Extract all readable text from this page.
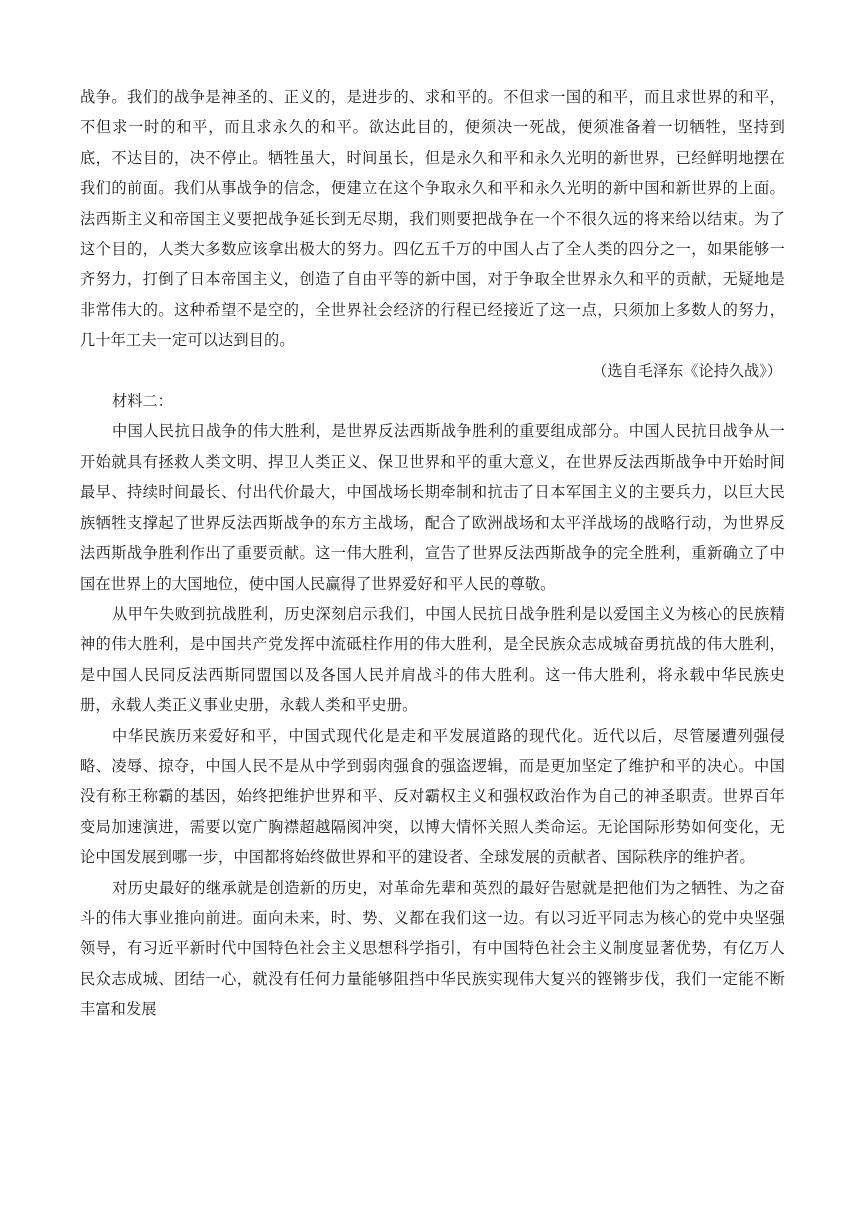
战争。我们的战争是神圣的、正义的，是进步的、求和平的。不但求一国的和平，而且求世界的和平，不但求一时的和平，而且求永久的和平。欲达此目的，便须决一死战，便须准备着一切牺牲，坚持到底，不达目的，决不停止。牺牲虽大，时间虽长，但是永久和平和永久光明的新世界，已经鲜明地摆在我们的前面。我们从事战争的信念，便建立在这个争取永久和平和永久光明的新中国和新世界的上面。法西斯主义和帝国主义要把战争延长到无尽期，我们则要把战争在一个不很久远的将来给以结束。为了这个目的，人类大多数应该拿出极大的努力。四亿五千万的中国人占了全人类的四分之一，如果能够一齐努力，打倒了日本帝国主义，创造了自由平等的新中国，对于争取全世界永久和平的贡献，无疑地是非常伟大的。这种希望不是空的，全世界社会经济的行程已经接近了这一点，只须加上多数人的努力，几十年工夫一定可以达到目的。

（选自毛泽东《论持久战》）

材料二：

中国人民抗日战争的伟大胜利，是世界反法西斯战争胜利的重要组成部分。中国人民抗日战争从一开始就具有拯救人类文明、捍卫人类正义、保卫世界和平的重大意义，在世界反法西斯战争中开始时间最早、持续时间最长、付出代价最大，中国战场长期牵制和抗击了日本军国主义的主要兵力，以巨大民族牺牲支撑起了世界反法西斯战争的东方主战场，配合了欧洲战场和太平洋战场的战略行动，为世界反法西斯战争胜利作出了重要贡献。这一伟大胜利，宣告了世界反法西斯战争的完全胜利，重新确立了中国在世界上的大国地位，使中国人民赢得了世界爱好和平人民的尊敬。

从甲午失败到抗战胜利，历史深刻启示我们，中国人民抗日战争胜利是以爱国主义为核心的民族精神的伟大胜利，是中国共产党发挥中流砥柱作用的伟大胜利，是全民族众志成城奋勇抗战的伟大胜利，是中国人民同反法西斯同盟国以及各国人民并肩战斗的伟大胜利。这一伟大胜利，将永载中华民族史册，永载人类正义事业史册，永载人类和平史册。

中华民族历来爱好和平，中国式现代化是走和平发展道路的现代化。近代以后，尽管屡遭列强侵略、凌辱、掠夺，中国人民不是从中学到弱肉强食的强盗逻辑，而是更加坚定了维护和平的决心。中国没有称王称霸的基因，始终把维护世界和平、反对霸权主义和强权政治作为自己的神圣职责。世界百年变局加速演进，需要以宽广胸襟超越隔阂冲突，以博大情怀关照人类命运。无论国际形势如何变化，无论中国发展到哪一步，中国都将始终做世界和平的建设者、全球发展的贡献者、国际秩序的维护者。

对历史最好的继承就是创造新的历史，对革命先辈和英烈的最好告慰就是把他们为之牺牲、为之奋斗的伟大事业推向前进。面向未来，时、势、义都在我们这一边。有以习近平同志为核心的党中央坚强领导，有习近平新时代中国特色社会主义思想科学指引，有中国特色社会主义制度显著优势，有亿万人民众志成城、团结一心，就没有任何力量能够阻挡中华民族实现伟大复兴的铿锵步伐，我们一定能不断丰富和发展
